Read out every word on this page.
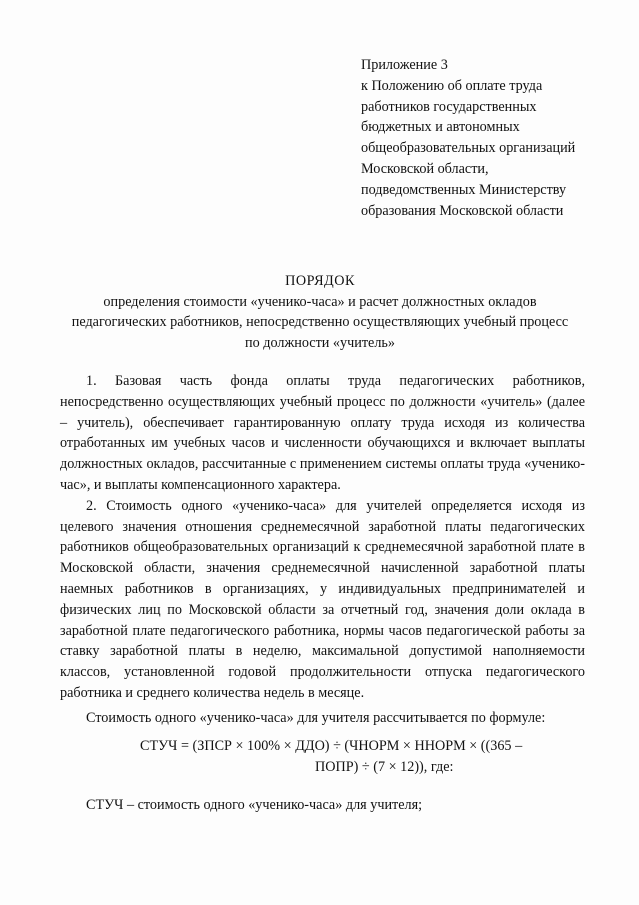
Приложение 3
к Положению об оплате труда
работников государственных
бюджетных и автономных
общеобразовательных организаций
Московской области,
подведомственных Министерству
образования Московской области
ПОРЯДОК
определения стоимости «ученико-часа» и расчет должностных окладов
педагогических работников, непосредственно осуществляющих учебный процесс
по должности «учитель»

1. Базовая часть фонда оплаты труда педагогических работников, непосредственно осуществляющих учебный процесс по должности «учитель» (далее – учитель), обеспечивает гарантированную оплату труда исходя из количества отработанных им учебных часов и численности обучающихся и включает выплаты должностных окладов, рассчитанные с применением системы оплаты труда «ученико-час», и выплаты компенсационного характера.

2. Стоимость одного «ученико-часа» для учителей определяется исходя из целевого значения отношения среднемесячной заработной платы педагогических работников общеобразовательных организаций к среднемесячной заработной плате в Московской области, значения среднемесячной начисленной заработной платы наемных работников в организациях, у индивидуальных предпринимателей и физических лиц по Московской области за отчетный год, значения доли оклада в заработной плате педагогического работника, нормы часов педагогической работы за ставку заработной платы в неделю, максимальной допустимой наполняемости классов, установленной годовой продолжительности отпуска педагогического работника и среднего количества недель в месяце.

Стоимость одного «ученико-часа» для учителя рассчитывается по формуле:

СТУЧ = (ЗПСР × 100% × ДДО) ÷ (ЧНОРМ × ННОРМ × ((365 –
ПОПР) ÷ (7 × 12)), где:
СТУЧ – стоимость одного «ученико-часа» для учителя;
